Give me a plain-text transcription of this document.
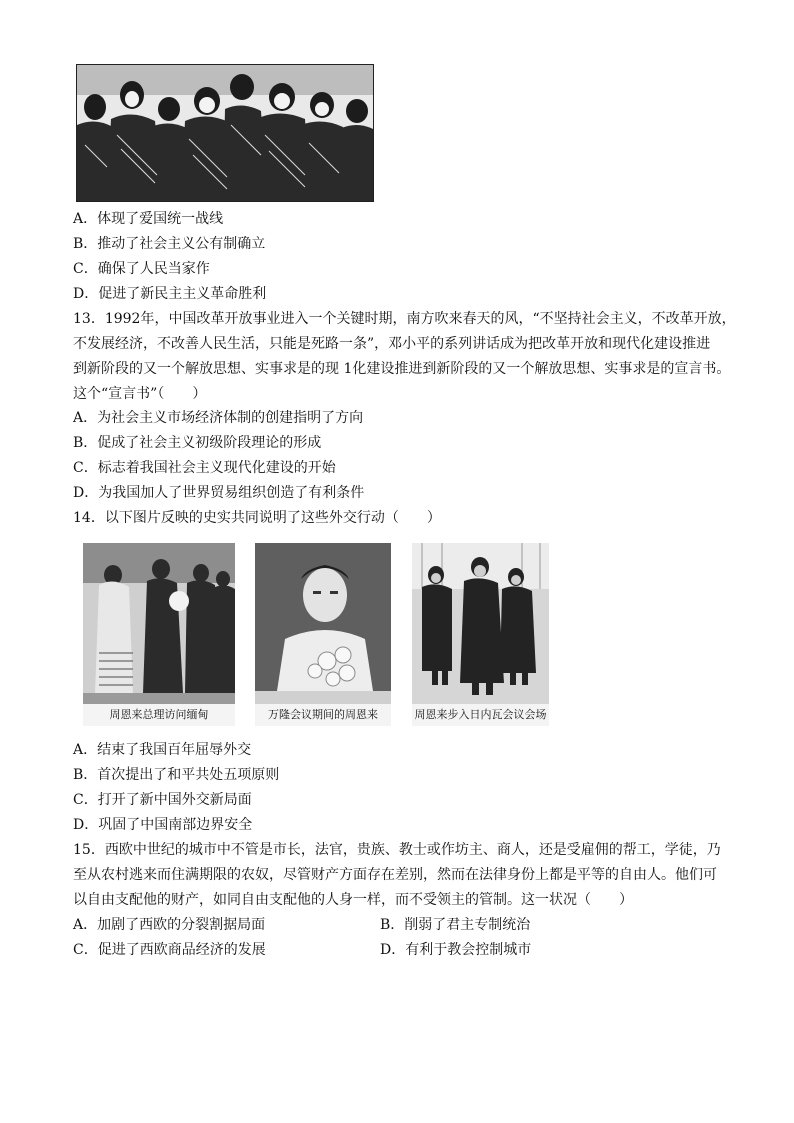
A．体现了爱国统一战线
B．推动了社会主义公有制确立
C．确保了人民当家作
D．促进了新民主主义革命胜利
13．1992年，中国改革开放事业进入一个关键时期，南方吹来春天的风，“不坚持社会主义，不改革开放，
不发展经济，不改善人民生活，只能是死路一条”，邓小平的系列讲话成为把改革开放和现代化建设推进
到新阶段的又一个解放思想、实事求是的现 1化建设推进到新阶段的又一个解放思想、实事求是的宣言书。
这个“宣言书”（　　）
A．为社会主义市场经济体制的创建指明了方向
B．促成了社会主义初级阶段理论的形成
C．标志着我国社会主义现代化建设的开始
D．为我国加人了世界贸易组织创造了有利条件
14．以下图片反映的史实共同说明了这些外交行动（　　）
周恩来总理访问缅甸	万隆会议期间的周恩来	周恩来步入日内瓦会议会场
A．结束了我国百年屈辱外交
B．首次提出了和平共处五项原则
C．打开了新中国外交新局面
D．巩固了中国南部边界安全
15．西欧中世纪的城市中不管是市长，法官，贵族、教士或作坊主、商人，还是受雇佣的帮工，学徒，乃
至从农村逃来而住满期限的农奴，尽管财产方面存在差别，然而在法律身份上都是平等的自由人。他们可
以自由支配他的财产，如同自由支配他的人身一样，而不受领主的管制。这一状况（　　）
A．加剧了西欧的分裂割据局面	B．削弱了君主专制统治
C．促进了西欧商品经济的发展	D．有利于教会控制城市
